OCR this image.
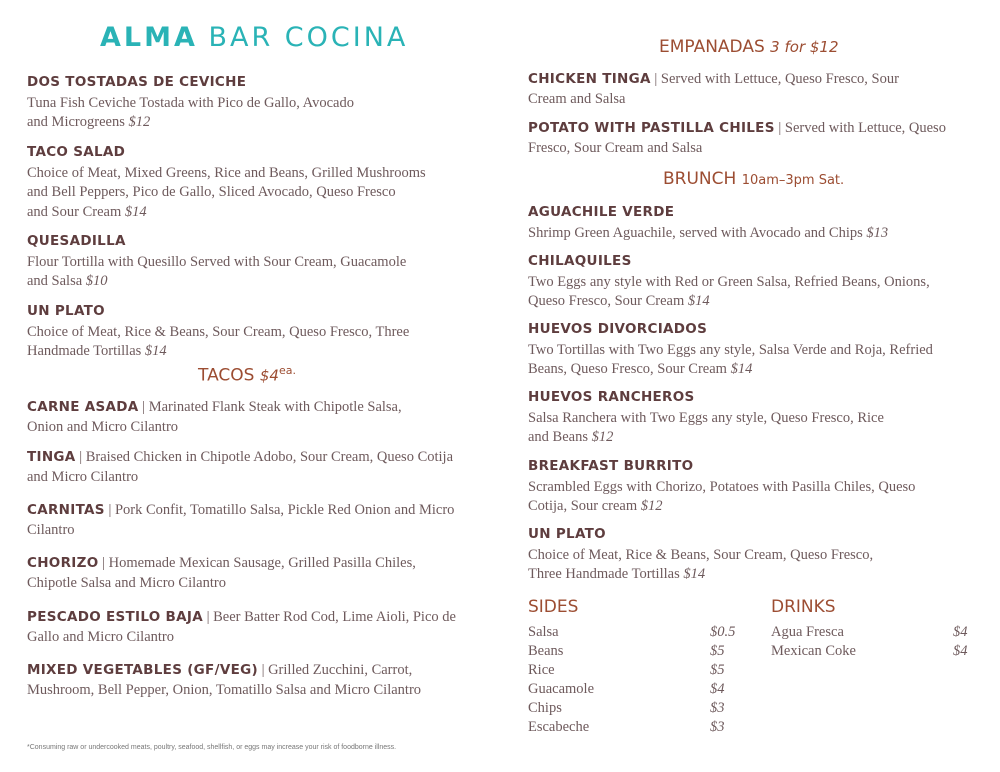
ALMA BAR COCINA
TACOS $\$4^{ea.}$
EMPANADAS 3 for $12
BRUNCH 10am–3pm Sat.
SIDES	DRINKS
DOS TOSTADAS DE CEVICHE
Tuna Fish Ceviche Tostada with Pico de Gallo, Avocado
and Microgreens $12
TACO SALAD
Choice of Meat, Mixed Greens, Rice and Beans, Grilled Mushrooms
and Bell Peppers, Pico de Gallo, Sliced Avocado, Queso Fresco
and Sour Cream $14
QUESADILLA
Flour Tortilla with Quesillo Served with Sour Cream, Guacamole
and Salsa $10
UN PLATO
Choice of Meat, Rice & Beans, Sour Cream, Queso Fresco, Three
Handmade Tortillas $14
CARNE ASADA | Marinated Flank Steak with Chipotle Salsa,
Onion and Micro Cilantro
TINGA | Braised Chicken in Chipotle Adobo, Sour Cream, Queso Cotija
and Micro Cilantro
CARNITAS | Pork Confit, Tomatillo Salsa, Pickle Red Onion and Micro
Cilantro
CHORIZO | Homemade Mexican Sausage, Grilled Pasilla Chiles,
Chipotle Salsa and Micro Cilantro
PESCADO ESTILO BAJA | Beer Batter Rod Cod, Lime Aioli, Pico de
Gallo and Micro Cilantro
MIXED VEGETABLES (GF/VEG) | Grilled Zucchini, Carrot,
Mushroom, Bell Pepper, Onion, Tomatillo Salsa and Micro Cilantro
CHICKEN TINGA | Served with Lettuce, Queso Fresco, Sour
Cream and Salsa
POTATO WITH PASTILLA CHILES | Served with Lettuce, Queso
Fresco, Sour Cream and Salsa
AGUACHILE VERDE
Shrimp Green Aguachile, served with Avocado and Chips $13
CHILAQUILES
Two Eggs any style with Red or Green Salsa, Refried Beans, Onions,
Queso Fresco, Sour Cream $14
HUEVOS DIVORCIADOS
Two Tortillas with Two Eggs any style, Salsa Verde and Roja, Refried
Beans, Queso Fresco, Sour Cream $14
HUEVOS RANCHEROS
Salsa Ranchera with Two Eggs any style, Queso Fresco, Rice
and Beans $12
BREAKFAST BURRITO
Scrambled Eggs with Chorizo, Potatoes with Pasilla Chiles, Queso
Cotija, Sour cream $12
UN PLATO
Choice of Meat, Rice & Beans, Sour Cream, Queso Fresco,
Three Handmade Tortillas $14
Salsa	$0.5
Beans	$5
Rice	$5
Guacamole	$4
Chips	$3
Escabeche	$3
Agua Fresca	$4
Mexican Coke	$4
*Consuming raw or undercooked meats, poultry, seafood, shellfish, or eggs may increase your risk of foodborne illness.
